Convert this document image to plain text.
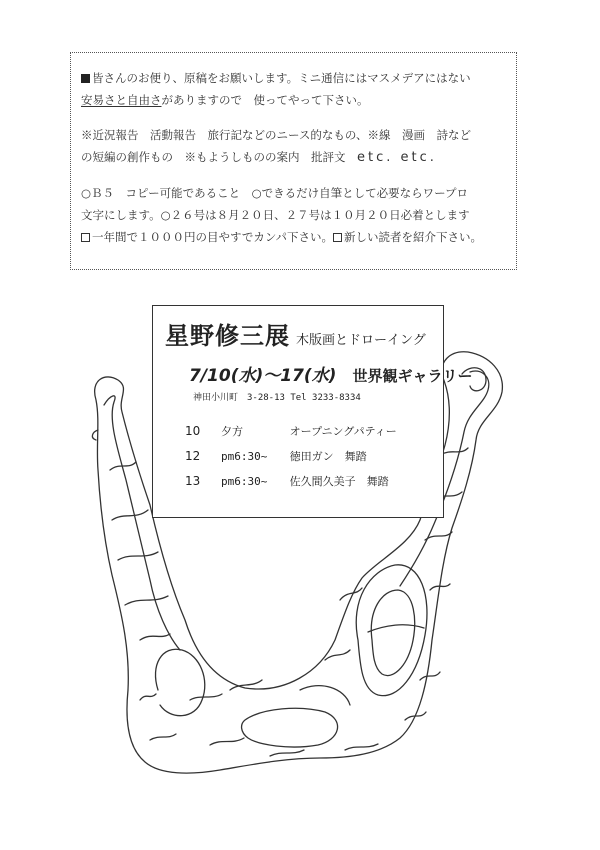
皆さんのお便り、原稿をお願いします。ミニ通信にはマスメデアにはない

安易さと自由さがありますので　使ってやって下さい。

※近況報告　活動報告　旅行記などのニース的なもの、※線　漫画　詩など

の短編の創作もの　※もようしものの案内　批評文　 etc. etc.

○Ｂ５　コピー可能であること　○できるだけ自筆として必要ならワープロ

文字にします。○２６号は８月２０日、２７号は１０月２０日必着とします

一年間で１０００円の目やすでカンパ下さい。 新しい読者を紹介下さい。

星野修三展 木版画とドローイング
7/10(水)〜17(水) 世界観ギャラリー
神田小川町　3-28-13 Tel 3233-8334
10 夕方	オープニングパティー
12 pm6:30~ 徳田ガン　舞踏
13 pm6:30~ 佐久間久美子　舞踏
